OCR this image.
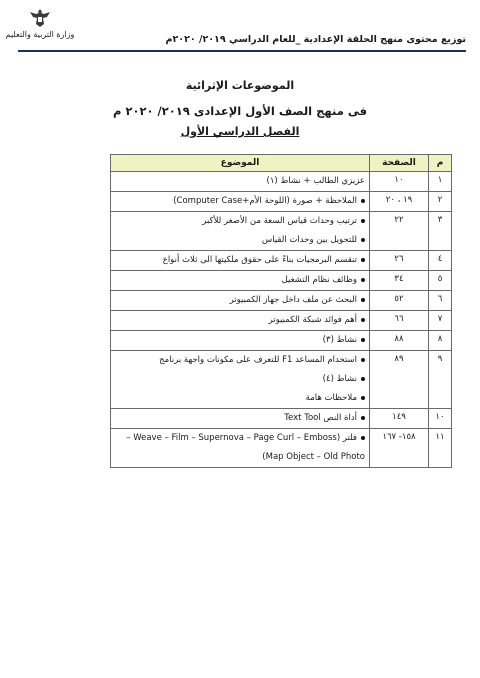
وزارة التربية والتعليم	توزيع محتوى منهج الحلقة الإعدادية _للعام الدراسي ٢٠١٩/ ٢٠٢٠م
الموضوعات الإثرائية
فى منهج الصف الأول الإعدادى ٢٠١٩/ ٢٠٢٠ م
الفصل الدراسي الأول
م	الصفحة	الموضوع
١	١٠	عزيزي الطالب + نشاط (١)

٢	١٩ ، ٢٠	الملاحظة + صورة (اللوحة الأم+Computer Case)

٣	٢٢	ترتيب وحدات قياس السعة من الأصغر للأكبر
للتحويل بين وحدات القياس

٤	٢٦	تنقسم البرمجيات بناءً على حقوق ملكيتها الى ثلاث أنواع

٥	٣٤	وظائف نظام التشغيل

٦	٥٢	البحث عن ملف داخل جهاز الكمبيوتر

٧	٦٦	أهم فوائد شبكة الكمبيوتر

٨	٨٨	نشاط (٣)

٩	٨٩	استخدام المساعد F1 للتعرف على مكونات واجهة برنامج
نشاط (٤)
ملاحظات هامة

١٠	١٤٩	أداة النص Text Tool

١١	١٥٨- ١٦٧	فلتر (Weave – Film – Supernova – Page Curl – Emboss –
Map Object – Old Photo)
